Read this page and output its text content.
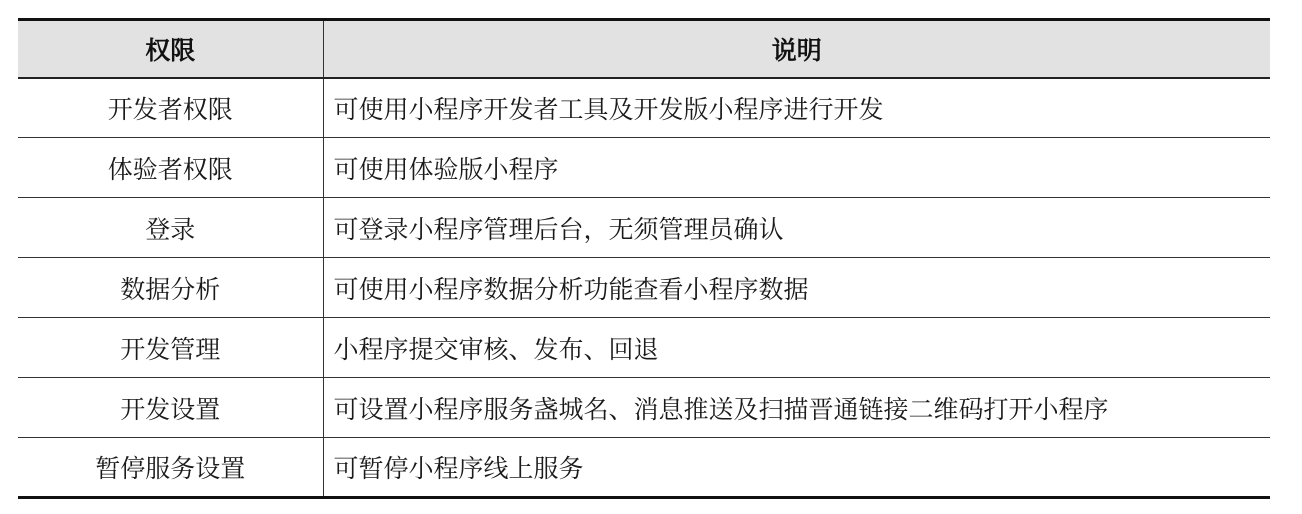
权限	说明
开发者权限	可使用小程序开发者工具及开发版小程序进行开发
体验者权限	可使用体验版小程序
登录	可登录小程序管理后台，无须管理员确认
数据分析	可使用小程序数据分析功能查看小程序数据
开发管理	小程序提交审核、发布、回退
开发设置	可设置小程序服务盏城名、消息推送及扫描晋通链接二维码打开小程序
暂停服务设置	可暂停小程序线上服务
